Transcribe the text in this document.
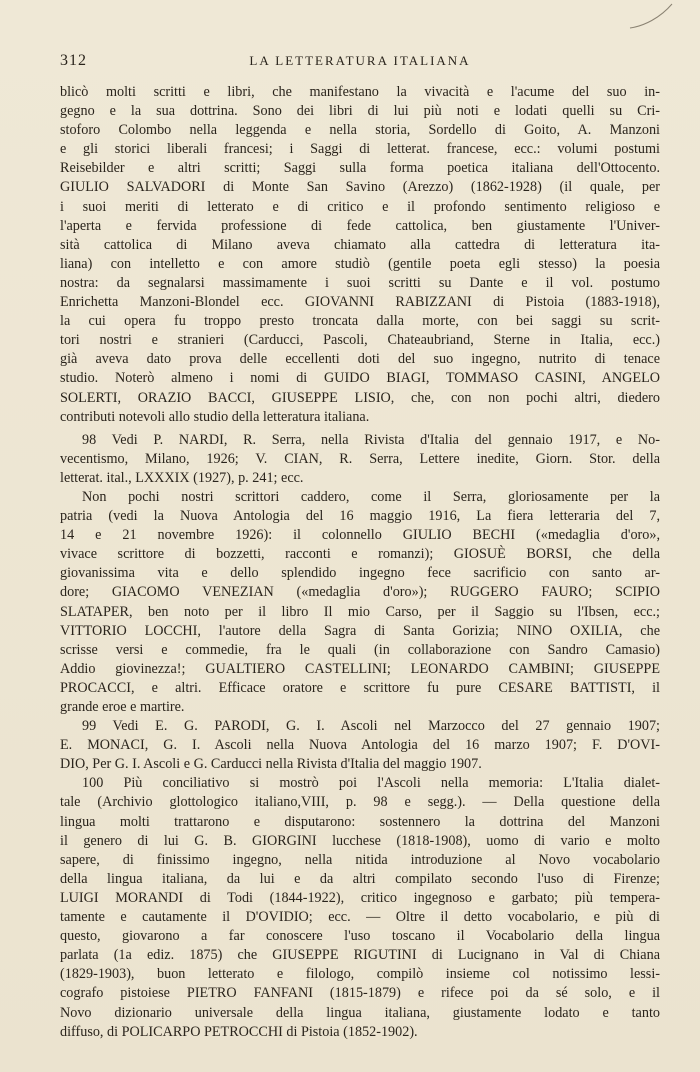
312	LA LETTERATURA ITALIANA
blicò molti scritti e libri, che manifestano la vivacità e l'acume del suo in-
gegno e la sua dottrina. Sono dei libri di lui più noti e lodati quelli su Cri-
stoforo Colombo nella leggenda e nella storia, Sordello di Goito, A. Manzoni
e gli storici liberali francesi; i Saggi di letterat. francese, ecc.: volumi postumi
Reisebilder e altri scritti; Saggi sulla forma poetica italiana dell'Ottocento.
GIULIO SALVADORI di Monte San Savino (Arezzo) (1862-1928) (il quale, per
i suoi meriti di letterato e di critico e il profondo sentimento religioso e
l'aperta e fervida professione di fede cattolica, ben giustamente l'Univer-
sità cattolica di Milano aveva chiamato alla cattedra di letteratura ita-
liana) con intelletto e con amore studiò (gentile poeta egli stesso) la poesia
nostra: da segnalarsi massimamente i suoi scritti su Dante e il vol. postumo
Enrichetta Manzoni-Blondel ecc. GIOVANNI RABIZZANI di Pistoia (1883-1918),
la cui opera fu troppo presto troncata dalla morte, con bei saggi su scrit-
tori nostri e stranieri (Carducci, Pascoli, Chateaubriand, Sterne in Italia, ecc.)
già aveva dato prova delle eccellenti doti del suo ingegno, nutrito di tenace
studio. Noterò almeno i nomi di GUIDO BIAGI, TOMMASO CASINI, ANGELO
SOLERTI, ORAZIO BACCI, GIUSEPPE LISIO, che, con non pochi altri, diedero
contributi notevoli allo studio della letteratura italiana.
98 Vedi P. NARDI, R. Serra, nella Rivista d'Italia del gennaio 1917, e No-
vecentismo, Milano, 1926; V. CIAN, R. Serra, Lettere inedite, Giorn. Stor. della
letterat. ital., LXXXIX (1927), p. 241; ecc.
Non pochi nostri scrittori caddero, come il Serra, gloriosamente per la
patria (vedi la Nuova Antologia del 16 maggio 1916, La fiera letteraria del 7,
14 e 21 novembre 1926): il colonnello GIULIO BECHI («medaglia d'oro»,
vivace scrittore di bozzetti, racconti e romanzi); GIOSUÈ BORSI, che della
giovanissima vita e dello splendido ingegno fece sacrificio con santo ar-
dore; GIACOMO VENEZIAN («medaglia d'oro»); RUGGERO FAURO; SCIPIO
SLATAPER, ben noto per il libro Il mio Carso, per il Saggio su l'Ibsen, ecc.;
VITTORIO LOCCHI, l'autore della Sagra di Santa Gorizia; NINO OXILIA, che
scrisse versi e commedie, fra le quali (in collaborazione con Sandro Camasio)
Addio giovinezza!; GUALTIERO CASTELLINI; LEONARDO CAMBINI; GIUSEPPE
PROCACCI, e altri. Efficace oratore e scrittore fu pure CESARE BATTISTI, il
grande eroe e martire.
99 Vedi E. G. PARODI, G. I. Ascoli nel Marzocco del 27 gennaio 1907;
E. MONACI, G. I. Ascoli nella Nuova Antologia del 16 marzo 1907; F. D'OVI-
DIO, Per G. I. Ascoli e G. Carducci nella Rivista d'Italia del maggio 1907.
100 Più conciliativo si mostrò poi l'Ascoli nella memoria: L'Italia dialet-
tale (Archivio glottologico italiano,VIII, p. 98 e segg.). — Della questione della
lingua molti trattarono e disputarono: sostennero la dottrina del Manzoni
il genero di lui G. B. GIORGINI lucchese (1818-1908), uomo di vario e molto
sapere, di finissimo ingegno, nella nitida introduzione al Novo vocabolario
della lingua italiana, da lui e da altri compilato secondo l'uso di Firenze;
LUIGI MORANDI di Todi (1844-1922), critico ingegnoso e garbato; più tempera-
tamente e cautamente il D'OVIDIO; ecc. — Oltre il detto vocabolario, e più di
questo, giovarono a far conoscere l'uso toscano il Vocabolario della lingua
parlata (1a ediz. 1875) che GIUSEPPE RIGUTINI di Lucignano in Val di Chiana
(1829-1903), buon letterato e filologo, compilò insieme col notissimo lessi-
cografo pistoiese PIETRO FANFANI (1815-1879) e rifece poi da sé solo, e il
Novo dizionario universale della lingua italiana, giustamente lodato e tanto
diffuso, di POLICARPO PETROCCHI di Pistoia (1852-1902).
